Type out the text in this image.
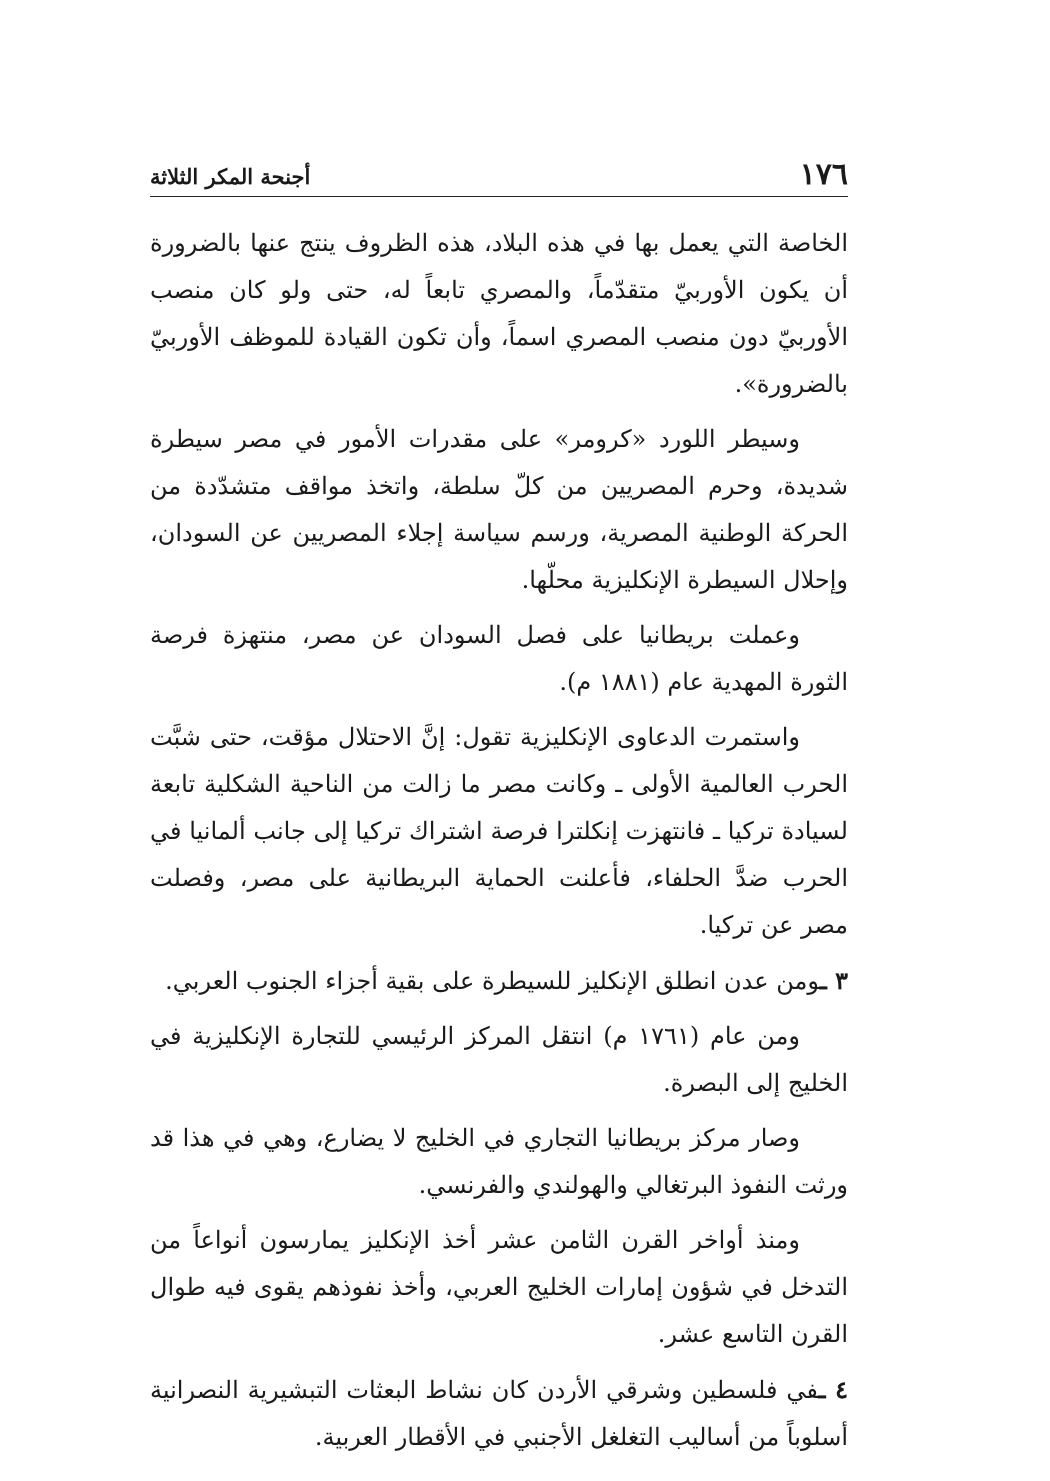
١٧٦
أجنحة المكر الثلاثة

الخاصة التي يعمل بها في هذه البلاد، هذه الظروف ينتج عنها بالضرورة أن يكون الأوربيّ متقدّماً، والمصري تابعاً له، حتى ولو كان منصب الأوربيّ دون منصب المصري اسماً، وأن تكون القيادة للموظف الأوربيّ بالضرورة».

وسيطر اللورد «كرومر» على مقدرات الأمور في مصر سيطرة شديدة، وحرم المصريين من كلّ سلطة، واتخذ مواقف متشدّدة من الحركة الوطنية المصرية، ورسم سياسة إجلاء المصريين عن السودان، وإحلال السيطرة الإنكليزية محلّها.

وعملت بريطانيا على فصل السودان عن مصر، منتهزة فرصة الثورة المهدية عام (١٨٨١ م).

واستمرت الدعاوى الإنكليزية تقول: إنَّ الاحتلال مؤقت، حتى شبَّت الحرب العالمية الأولى ـ وكانت مصر ما زالت من الناحية الشكلية تابعة لسيادة تركيا ـ فانتهزت إنكلترا فرصة اشتراك تركيا إلى جانب ألمانيا في الحرب ضدَّ الحلفاء، فأعلنت الحماية البريطانية على مصر، وفصلت مصر عن تركيا.

٣ ـومن عدن انطلق الإنكليز للسيطرة على بقية أجزاء الجنوب العربي.

ومن عام (١٧٦١ م) انتقل المركز الرئيسي للتجارة الإنكليزية في الخليج إلى البصرة.

وصار مركز بريطانيا التجاري في الخليج لا يضارع، وهي في هذا قد ورثت النفوذ البرتغالي والهولندي والفرنسي.

ومنذ أواخر القرن الثامن عشر أخذ الإنكليز يمارسون أنواعاً من التدخل في شؤون إمارات الخليج العربي، وأخذ نفوذهم يقوى فيه طوال القرن التاسع عشر.

٤ ـفي فلسطين وشرقي الأردن كان نشاط البعثات التبشيرية النصرانية أسلوباً من أساليب التغلغل الأجنبي في الأقطار العربية.
